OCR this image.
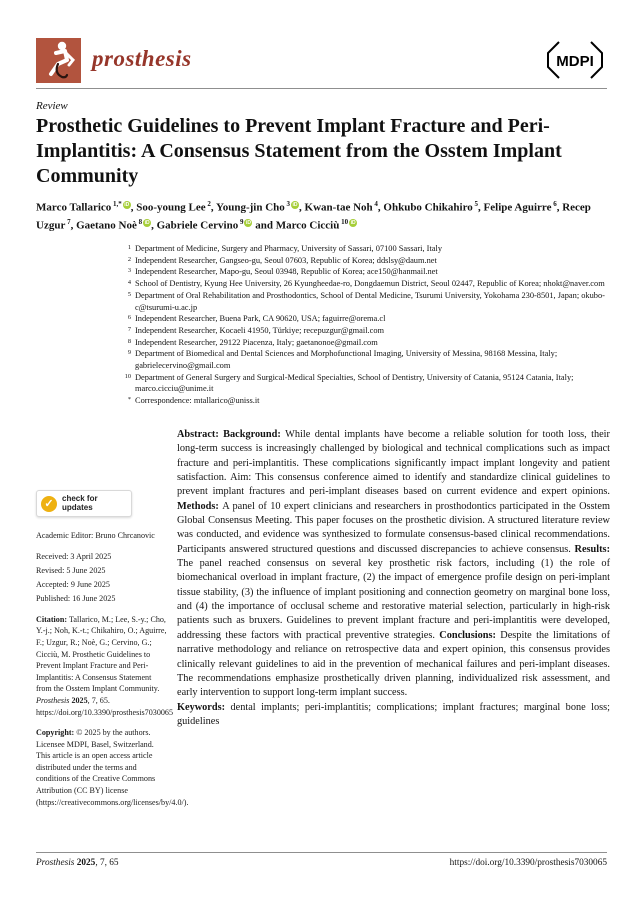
prosthesis	MDPI
Review
Prosthetic Guidelines to Prevent Implant Fracture and Peri-Implantitis: A Consensus Statement from the Osstem Implant Community
Marco Tallarico $^{1,*}$ iD , Soo-young Lee $^2$, Young-jin Cho $^3$ iD , Kwan-tae Noh $^4$, Ohkubo Chikahiro $^5$, Felipe Aguirre $^6$, Recep Uzgur $^7$, Gaetano Noè $^8$ iD , Gabriele Cervino $^9$ iD and Marco Cicciù $^{10}$ iD
1 Department of Medicine, Surgery and Pharmacy, University of Sassari, 07100 Sassari, Italy
2 Independent Researcher, Gangseo-gu, Seoul 07603, Republic of Korea; ddslsy@daum.net
3 Independent Researcher, Mapo-gu, Seoul 03948, Republic of Korea; ace150@hanmail.net
4 School of Dentistry, Kyung Hee University, 26 Kyungheedae-ro, Dongdaemun District, Seoul 02447, Republic of Korea; nhokt@naver.com
5 Department of Oral Rehabilitation and Prosthodontics, School of Dental Medicine, Tsurumi University, Yokohama 230-8501, Japan; okubo-c@tsurumi-u.ac.jp
6 Independent Researcher, Buena Park, CA 90620, USA; faguirre@orema.cl
7 Independent Researcher, Kocaeli 41950, Türkiye; recepuzgur@gmail.com
8 Independent Researcher, 29122 Piacenza, Italy; gaetanonoe@gmail.com
9 Department of Biomedical and Dental Sciences and Morphofunctional Imaging, University of Messina, 98168 Messina, Italy; gabrielecervino@gmail.com
10 Department of General Surgery and Surgical-Medical Specialties, School of Dentistry, University of Catania, 95124 Catania, Italy; marco.cicciu@unime.it
* Correspondence: mtallarico@uniss.it
✓	check for
updates

Academic Editor: Bruno Chrcanovic

Received: 3 April 2025
Revised: 5 June 2025
Accepted: 9 June 2025
Published: 16 June 2025

Citation: Tallarico, M.; Lee, S.-y.; Cho, Y.-j.; Noh, K.-t.; Chikahiro, O.; Aguirre, F.; Uzgur, R.; Noè, G.; Cervino, G.; Cicciù, M. Prosthetic Guidelines to Prevent Implant Fracture and Peri-Implantitis: A Consensus Statement from the Osstem Implant Community. Prosthesis 2025, 7, 65. https://doi.org/10.3390/prosthesis7030065

Copyright: © 2025 by the authors. Licensee MDPI, Basel, Switzerland. This article is an open access article distributed under the terms and conditions of the Creative Commons Attribution (CC BY) license (https://creativecommons.org/licenses/by/4.0/).

Abstract: Background: While dental implants have become a reliable solution for tooth loss, their long-term success is increasingly challenged by biological and technical complications such as impact fracture and peri-implantitis. These complications significantly impact implant longevity and patient satisfaction. Aim: This consensus conference aimed to identify and standardize clinical guidelines to prevent implant fractures and peri-implant diseases based on current evidence and expert opinions. Methods: A panel of 10 expert clinicians and researchers in prosthodontics participated in the Osstem Global Consensus Meeting. This paper focuses on the prosthetic division. A structured literature review was conducted, and evidence was synthesized to formulate consensus-based clinical recommendations. Participants answered structured questions and discussed discrepancies to achieve consensus. Results: The panel reached consensus on several key prosthetic risk factors, including (1) the role of biomechanical overload in implant fracture, (2) the impact of emergence profile design on peri-implant tissue stability, (3) the influence of implant positioning and connection geometry on marginal bone loss, and (4) the importance of occlusal scheme and restorative material selection, particularly in high-risk patients such as bruxers. Guidelines to prevent implant fracture and peri-implantitis were developed, addressing these factors with practical preventive strategies. Conclusions: Despite the limitations of narrative methodology and reliance on retrospective data and expert opinion, this consensus provides clinically relevant guidelines to aid in the prevention of mechanical failures and peri-implant diseases. The recommendations emphasize prosthetically driven planning, individualized risk assessment, and early intervention to support long-term implant success.

Keywords: dental implants; peri-implantitis; complications; implant fractures; marginal bone loss; guidelines

Prosthesis 2025, 7, 65	https://doi.org/10.3390/prosthesis7030065
